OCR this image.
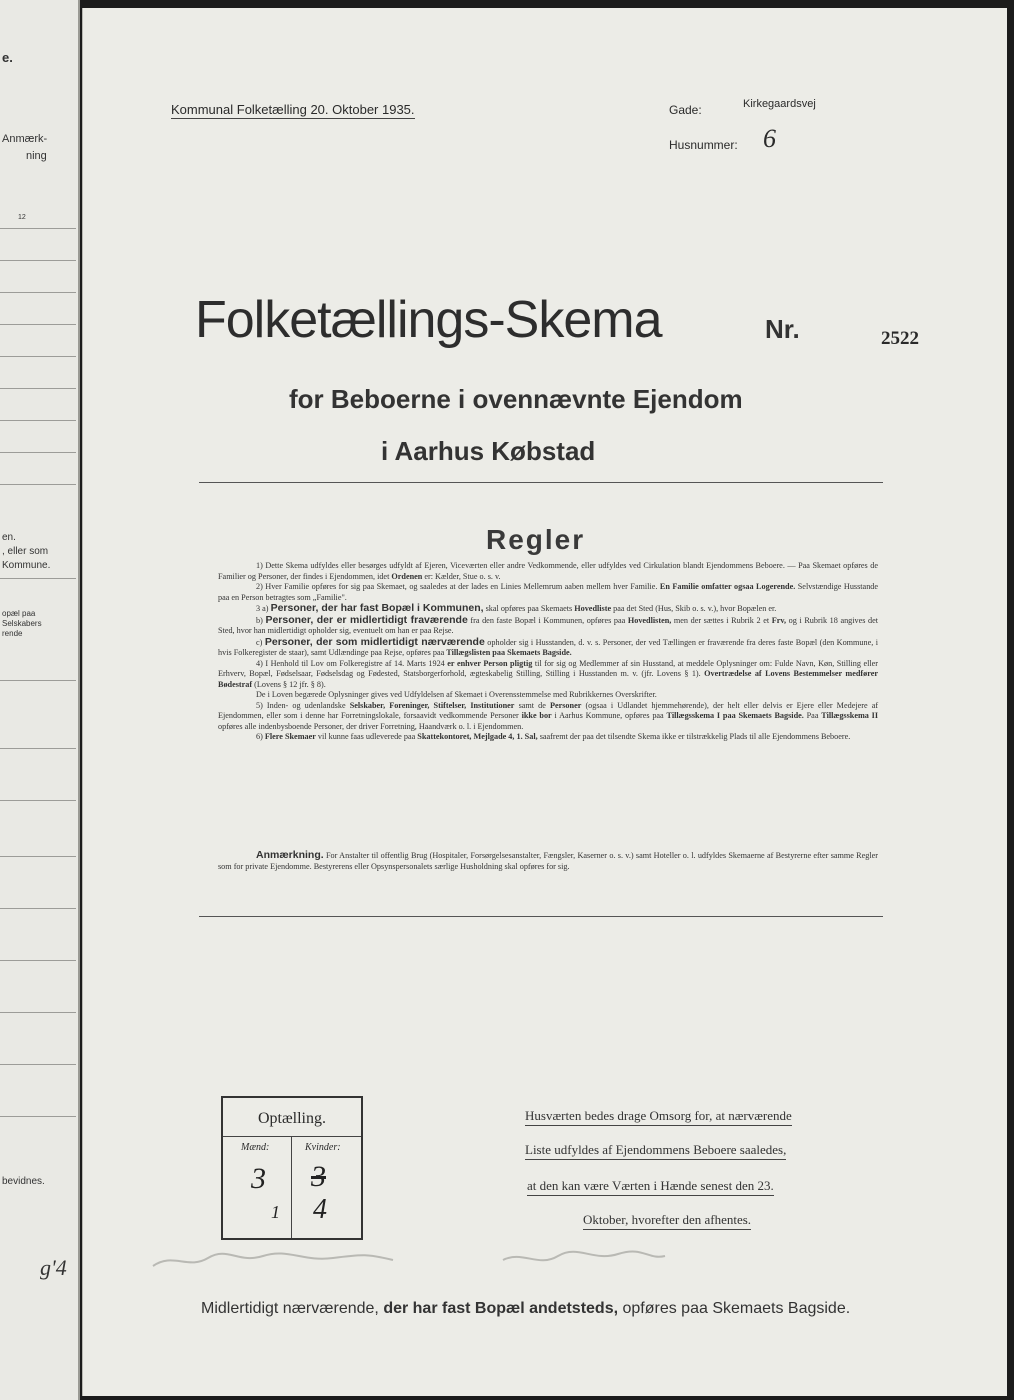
e.
Anmærk-
ning
12
en.
, eller som
Kommune.
opæl paa
Selskabers
rende
bevidnes.
g'4
Kommunal Folketælling 20. Oktober 1935.	Gade:	Kirkegaardsvej
Husnummer: 6
Folketællings-Skema	Nr.	2522
for Beboerne i ovennævnte Ejendom
i Aarhus Købstad
Regler

1) Dette Skema udfyldes eller besørges udfyldt af Ejeren, Viceværten eller andre Vedkommende, eller udfyldes ved Cirkulation blandt Ejendommens Beboere. — Paa Skemaet opføres de Familier og Personer, der findes i Ejendommen, idet Ordenen er: Kælder, Stue o. s. v.

2) Hver Familie opføres for sig paa Skemaet, og saaledes at der lades en Linies Mellemrum aaben mellem hver Familie. En Familie omfatter ogsaa Logerende. Selvstændige Husstande paa en Person betragtes som „Familie".

3 a) Personer, der har fast Bopæl i Kommunen, skal opføres paa Skemaets Hovedliste paa det Sted (Hus, Skib o. s. v.), hvor Bopælen er.

b) Personer, der er midlertidigt fraværende fra den faste Bopæl i Kommunen, opføres paa Hovedlisten, men der sættes i Rubrik 2 et Frv, og i Rubrik 18 angives det Sted, hvor han midlertidigt opholder sig, eventuelt om han er paa Rejse.

c) Personer, der som midlertidigt nærværende opholder sig i Husstanden, d. v. s. Personer, der ved Tællingen er fraværende fra deres faste Bopæl (den Kommune, i hvis Folkeregister de staar), samt Udlændinge paa Rejse, opføres paa Tillægslisten paa Skemaets Bagside.

4) I Henhold til Lov om Folkeregistre af 14. Marts 1924 er enhver Person pligtig til for sig og Medlemmer af sin Husstand, at meddele Oplysninger om: Fulde Navn, Køn, Stilling eller Erhverv, Bopæl, Fødselsaar, Fødselsdag og Fødested, Statsborgerforhold, ægteskabelig Stilling, Stilling i Husstanden m. v. (jfr. Lovens § 1). Overtrædelse af Lovens Bestemmelser medfører Bødestraf (Lovens § 12 jfr. § 8).

De i Loven begærede Oplysninger gives ved Udfyldelsen af Skemaet i Overensstemmelse med Rubrikkernes Overskrifter.

5) Inden- og udenlandske Selskaber, Foreninger, Stiftelser, Institutioner samt de Personer (ogsaa i Udlandet hjemmehørende), der helt eller delvis er Ejere eller Medejere af Ejendommen, eller som i denne har Forretningslokale, forsaavidt vedkommende Personer ikke bor i Aarhus Kommune, opføres paa Tillægsskema I paa Skemaets Bagside. Paa Tillægsskema II opføres alle indenbysboende Personer, der driver Forretning, Haandværk o. l. i Ejendommen.

6) Flere Skemaer vil kunne faas udleverede paa Skattekontoret, Mejlgade 4, 1. Sal, saafremt der paa det tilsendte Skema ikke er tilstrækkelig Plads til alle Ejendommens Beboere.

Anmærkning. For Anstalter til offentlig Brug (Hospitaler, Forsørgelsesanstalter, Fængsler, Kaserner o. s. v.) samt Hoteller o. l. udfyldes Skemaerne af Bestyrerne efter samme Regler som for private Ejendomme. Bestyrerens eller Opsynspersonalets særlige Husholdning skal opføres for sig.
Optælling.
Mænd:	Kvinder:
3 3
1 4
Husværten bedes drage Omsorg for, at nærværende
Liste udfyldes af Ejendommens Beboere saaledes,
at den kan være Værten i Hænde senest den 23.
Oktober, hvorefter den afhentes.
Midlertidigt nærværende, der har fast Bopæl andetsteds, opføres paa Skemaets Bagside.
